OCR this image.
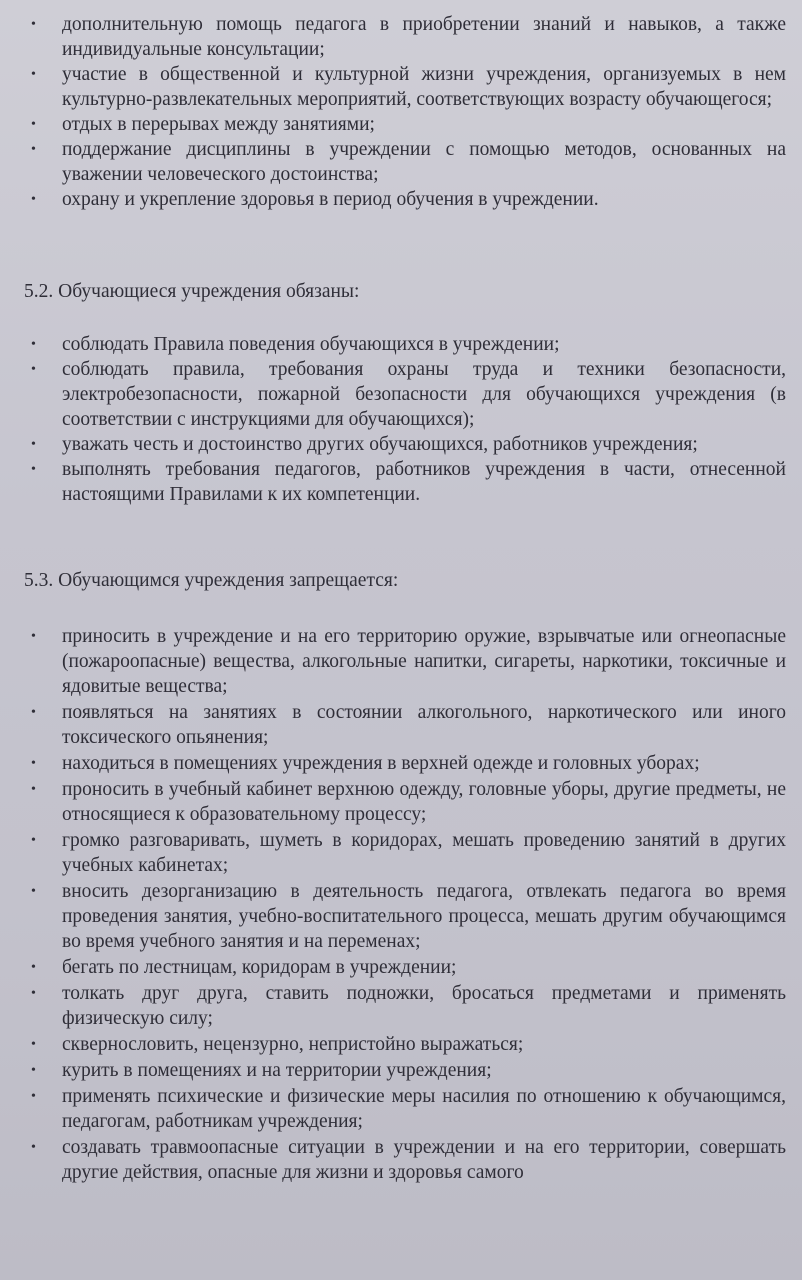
• дополнительную помощь педагога в приобретении знаний и навыков, а также индивидуальные консультации;
• участие в общественной и культурной жизни учреждения, организуемых в нем культурно-развлекательных мероприятий, соответствующих возрасту обучающегося;
• отдых в перерывах между занятиями;
• поддержание дисциплины в учреждении с помощью методов, основанных на уважении человеческого достоинства;
• охрану и укрепление здоровья в период обучения в учреждении.
5.2. Обучающиеся учреждения обязаны:
• соблюдать Правила поведения обучающихся в учреждении;
• соблюдать правила, требования охраны труда и техники безопасности, электробезопасности, пожарной безопасности для обучающихся учреждения (в соответствии с инструкциями для обучающихся);
• уважать честь и достоинство других обучающихся, работников учреждения;
• выполнять требования педагогов, работников учреждения в части, отнесенной настоящими Правилами к их компетенции.
5.3. Обучающимся учреждения запрещается:
• приносить в учреждение и на его территорию оружие, взрывчатые или огнеопасные (пожароопасные) вещества, алкогольные напитки, сигареты, наркотики, токсичные и ядовитые вещества;
• появляться на занятиях в состоянии алкогольного, наркотического или иного токсического опьянения;
• находиться в помещениях учреждения в верхней одежде и головных уборах;
• проносить в учебный кабинет верхнюю одежду, головные уборы, другие предметы, не относящиеся к образовательному процессу;
• громко разговаривать, шуметь в коридорах, мешать проведению занятий в других учебных кабинетах;
• вносить дезорганизацию в деятельность педагога, отвлекать педагога во время проведения занятия, учебно-воспитательного процесса, мешать другим обучающимся во время учебного занятия и на переменах;
• бегать по лестницам, коридорам в учреждении;
• толкать друг друга, ставить подножки, бросаться предметами и применять физическую силу;
• сквернословить, нецензурно, непристойно выражаться;
• курить в помещениях и на территории учреждения;
• применять психические и физические меры насилия по отношению к обучающимся, педагогам, работникам учреждения;
• создавать травмоопасные ситуации в учреждении и на его территории, совершать другие действия, опасные для жизни и здоровья самого
